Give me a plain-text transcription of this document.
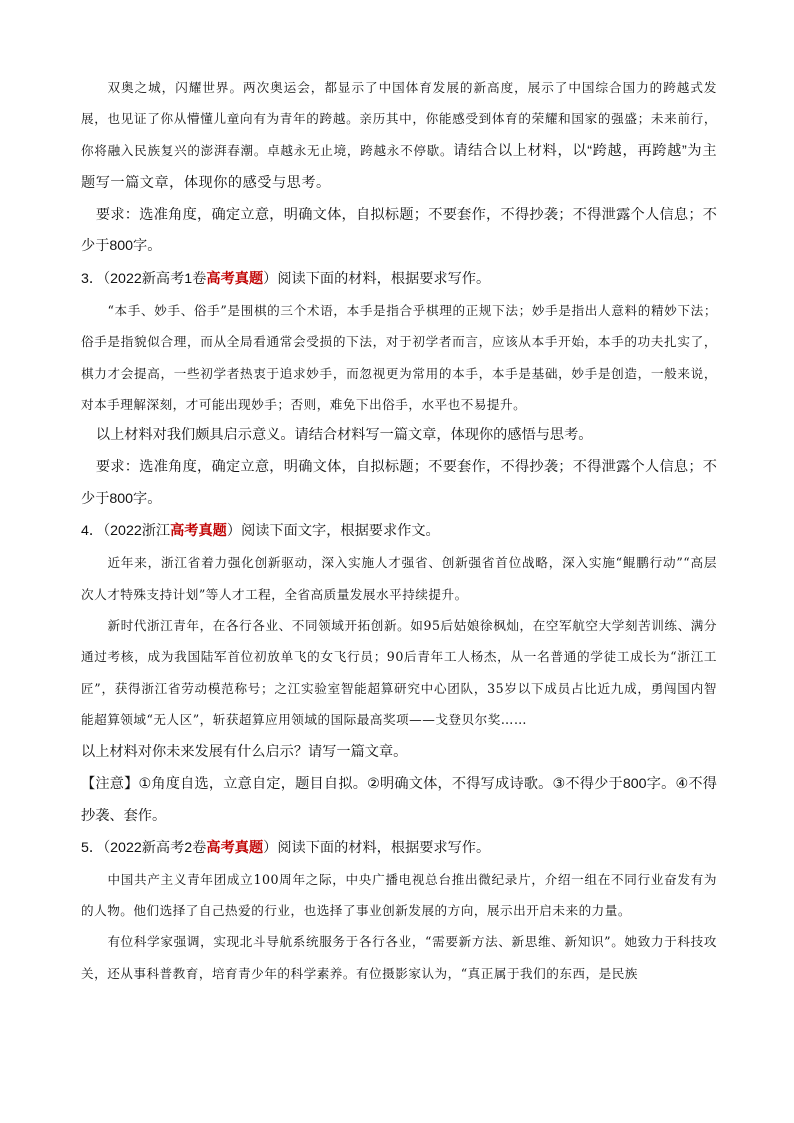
双奥之城，闪耀世界。两次奥运会，都显示了中国体育发展的新高度，展示了中国综合国力的跨越式发展，也见证了你从懵懂儿童向有为青年的跨越。亲历其中，你能感受到体育的荣耀和国家的强盛；未来前行，你将融入民族复兴的澎湃春潮。卓越永无止境，跨越永不停歇。请结合以上材料，以“跨越，再跨越”为主题写一篇文章，体现你的感受与思考。

要求：选准角度，确定立意，明确文体，自拟标题；不要套作，不得抄袭；不得泄露个人信息；不少于800字。

3．（2022新高考1卷高考真题）阅读下面的材料，根据要求写作。

“本手、妙手、俗手”是围棋的三个术语，本手是指合乎棋理的正规下法；妙手是指出人意料的精妙下法；俗手是指貌似合理，而从全局看通常会受损的下法，对于初学者而言，应该从本手开始，本手的功夫扎实了，棋力才会提高，一些初学者热衷于追求妙手，而忽视更为常用的本手，本手是基础，妙手是创造，一般来说，对本手理解深刻，才可能出现妙手；否则，难免下出俗手，水平也不易提升。

以上材料对我们颇具启示意义。请结合材料写一篇文章，体现你的感悟与思考。

要求：选准角度，确定立意，明确文体，自拟标题；不要套作，不得抄袭；不得泄露个人信息；不少于800字。

4．（2022浙江高考真题）阅读下面文字，根据要求作文。

近年来，浙江省着力强化创新驱动，深入实施人才强省、创新强省首位战略，深入实施“鲲鹏行动”“高层次人才特殊支持计划”等人才工程，全省高质量发展水平持续提升。

新时代浙江青年，在各行各业、不同领域开拓创新。如95后姑娘徐枫灿，在空军航空大学刻苦训练、满分通过考核，成为我国陆军首位初放单飞的女飞行员；90后青年工人杨杰，从一名普通的学徒工成长为“浙江工匠”，获得浙江省劳动模范称号；之江实验室智能超算研究中心团队，35岁以下成员占比近九成，勇闯国内智能超算领域“无人区”，斩获超算应用领域的国际最高奖项——戈登贝尔奖……

以上材料对你未来发展有什么启示？请写一篇文章。

【注意】①角度自选，立意自定，题目自拟。②明确文体，不得写成诗歌。③不得少于800字。④不得抄袭、套作。

5．（2022新高考2卷高考真题）阅读下面的材料，根据要求写作。

中国共产主义青年团成立100周年之际，中央广播电视总台推出微纪录片，介绍一组在不同行业奋发有为的人物。他们选择了自己热爱的行业，也选择了事业创新发展的方向，展示出开启未来的力量。

有位科学家强调，实现北斗导航系统服务于各行各业，“需要新方法、新思维、新知识”。她致力于科技攻关，还从事科普教育，培育青少年的科学素养。有位摄影家认为，“真正属于我们的东西，是民族
